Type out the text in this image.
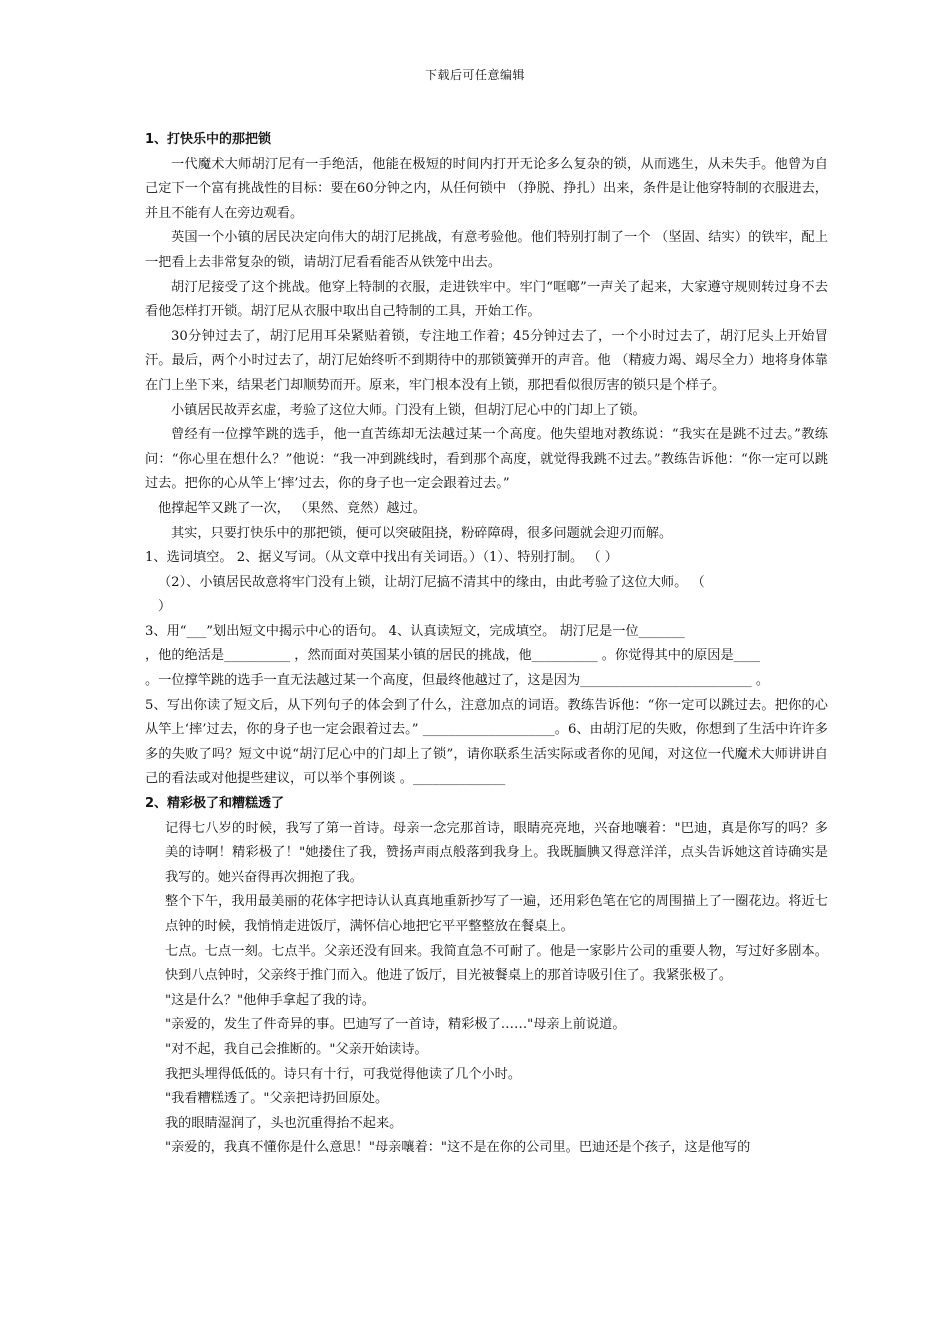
下载后可任意编辑

1、打快乐中的那把锁

一代魔术大师胡汀尼有一手绝活，他能在极短的时间内打开无论多么复杂的锁，从而逃生，从未失手。他曾为自己定下一个富有挑战性的目标：要在60分钟之内，从任何锁中 （挣脱、挣扎）出来，条件是让他穿特制的衣服进去，并且不能有人在旁边观看。

英国一个小镇的居民决定向伟大的胡汀尼挑战，有意考验他。他们特别打制了一个 （坚固、结实）的铁牢，配上一把看上去非常复杂的锁，请胡汀尼看看能否从铁笼中出去。

胡汀尼接受了这个挑战。他穿上特制的衣服，走进铁牢中。牢门“哐啷”一声关了起来，大家遵守规则转过身不去看他怎样打开锁。胡汀尼从衣服中取出自己特制的工具，开始工作。

30分钟过去了，胡汀尼用耳朵紧贴着锁，专注地工作着；45分钟过去了，一个小时过去了，胡汀尼头上开始冒汗。最后，两个小时过去了，胡汀尼始终听不到期待中的那锁簧弹开的声音。他 （精疲力竭、竭尽全力）地将身体靠在门上坐下来，结果老门却顺势而开。原来，牢门根本没有上锁，那把看似很厉害的锁只是个样子。

小镇居民故弄玄虚，考验了这位大师。门没有上锁，但胡汀尼心中的门却上了锁。

曾经有一位撑竿跳的选手，他一直苦练却无法越过某一个高度。他失望地对教练说：“我实在是跳不过去。”教练问：“你心里在想什么？”他说：“我一冲到跳线时，看到那个高度，就觉得我跳不过去。”教练告诉他：“你一定可以跳过去。把你的心从竿上‘摔’过去，你的身子也一定会跟着过去。”

他撑起竿又跳了一次， （果然、竟然）越过。

其实，只要打快乐中的那把锁，便可以突破阻挠，粉碎障碍，很多问题就会迎刃而解。

1、选词填空。 2、据义写词。（从文章中找出有关词语。）（1）、特别打制。 （ ）

（2）、小镇居民故意将牢门没有上锁，让胡汀尼搞不清其中的缘由，由此考验了这位大师。 （

）

3、用“___”划出短文中揭示中心的语句。 4、认真读短文，完成填空。 胡汀尼是一位_______

，他的绝活是__________ ，然而面对英国某小镇的居民的挑战，他__________ 。你觉得其中的原因是____

。一位撑竿跳的选手一直无法越过某一个高度，但最终他越过了，这是因为__________________________ 。

5、写出你读了短文后，从下列句子的体会到了什么，注意加点的词语。教练告诉他：“你一定可以跳过去。把你的心从竿上‘摔’过去，你的身子也一定会跟着过去。” ____________________。6、由胡汀尼的失败，你想到了生活中许许多多的失败了吗？短文中说“胡汀尼心中的门却上了锁”，请你联系生活实际或者你的见闻，对这位一代魔术大师讲讲自己的看法或对他提些建议，可以举个事例谈 。______________

2、精彩极了和糟糕透了

记得七八岁的时候，我写了第一首诗。母亲一念完那首诗，眼睛亮亮地，兴奋地嚷着："巴迪，真是你写的吗？多美的诗啊！精彩极了！"她搂住了我，赞扬声雨点般落到我身上。我既腼腆又得意洋洋，点头告诉她这首诗确实是我写的。她兴奋得再次拥抱了我。

整个下午，我用最美丽的花体字把诗认认真真地重新抄写了一遍，还用彩色笔在它的周围描上了一圈花边。将近七点钟的时候，我悄悄走进饭厅，满怀信心地把它平平整整放在餐桌上。

七点。七点一刻。七点半。父亲还没有回来。我简直急不可耐了。他是一家影片公司的重要人物，写过好多剧本。快到八点钟时，父亲终于推门而入。他进了饭厅，目光被餐桌上的那首诗吸引住了。我紧张极了。

"这是什么？"他伸手拿起了我的诗。

"亲爱的，发生了件奇异的事。巴迪写了一首诗，精彩极了……"母亲上前说道。

"对不起，我自己会推断的。"父亲开始读诗。

我把头埋得低低的。诗只有十行，可我觉得他读了几个小时。

"我看糟糕透了。"父亲把诗扔回原处。

我的眼睛湿润了，头也沉重得抬不起来。

"亲爱的，我真不懂你是什么意思！"母亲嚷着："这不是在你的公司里。巴迪还是个孩子，这是他写的
